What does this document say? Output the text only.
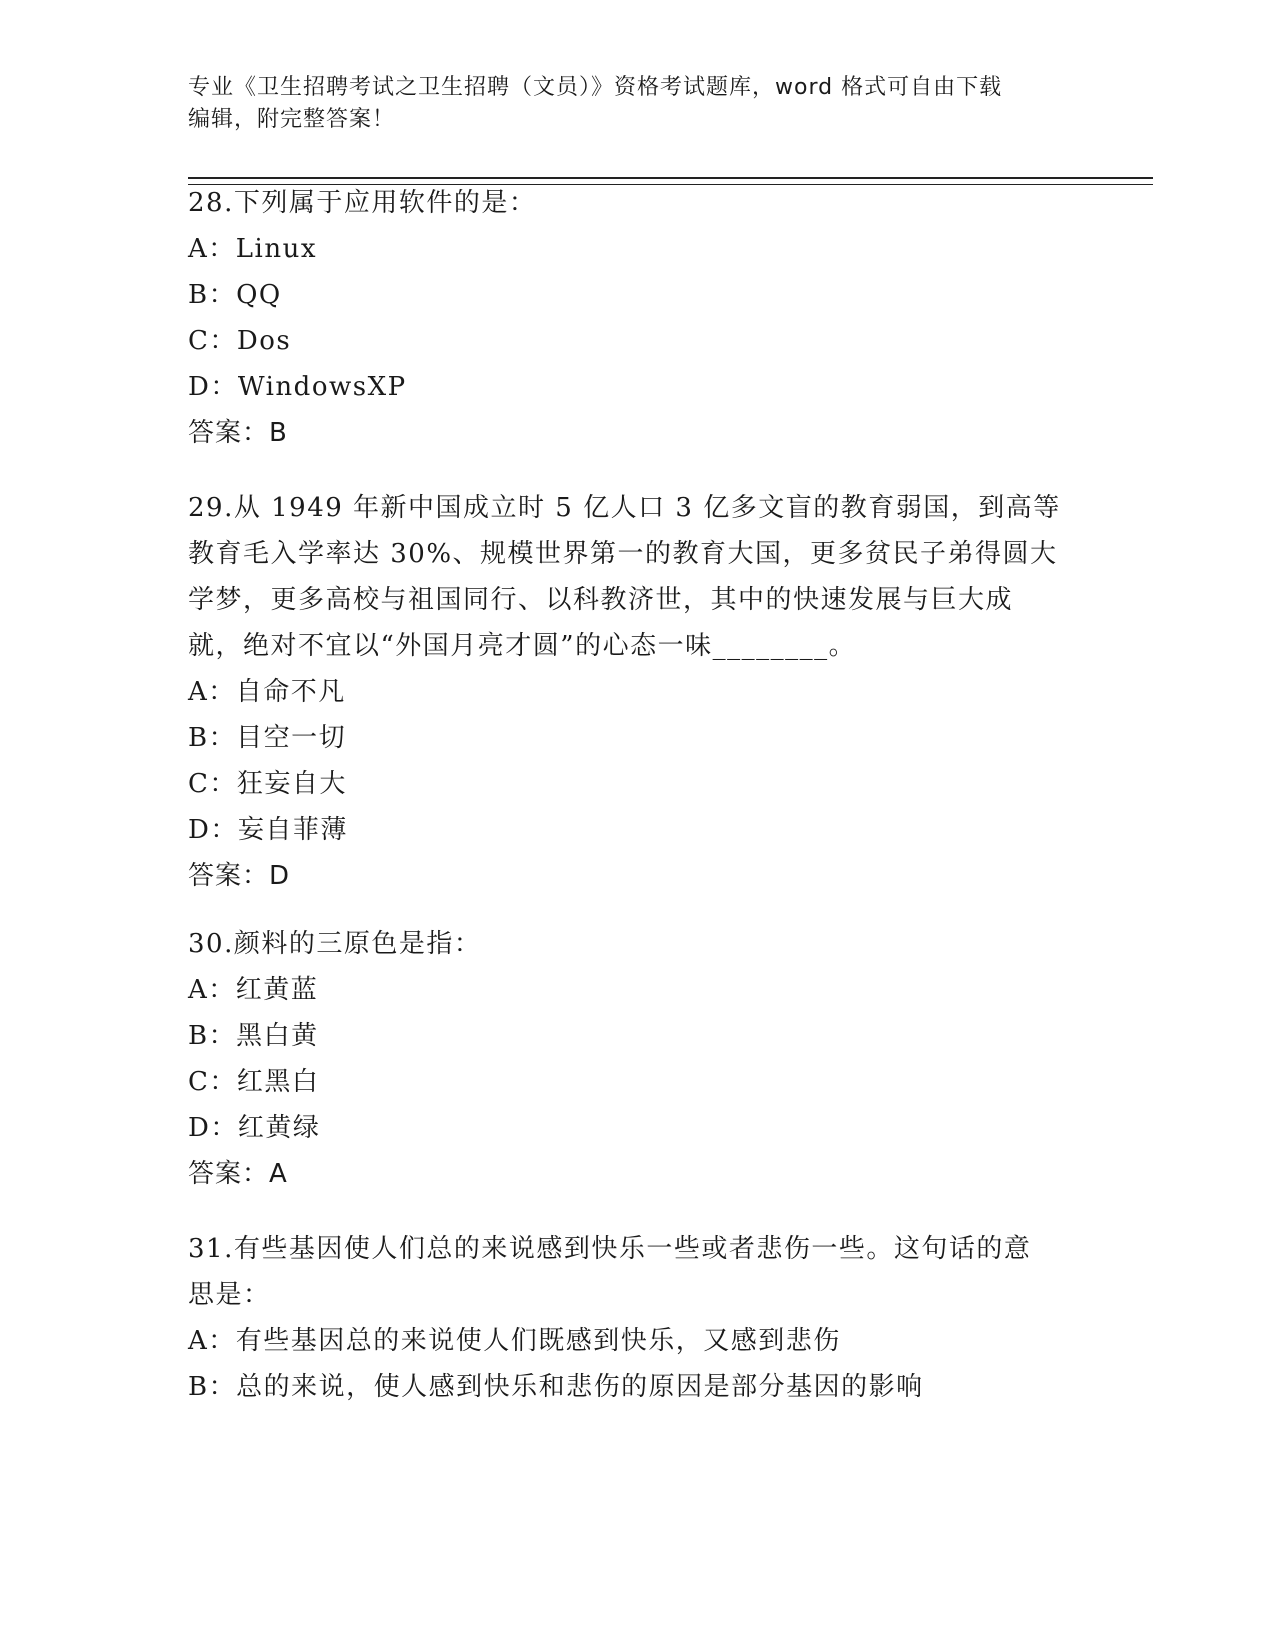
专业《卫生招聘考试之卫生招聘（文员）》资格考试题库，word 格式可自由下载
编辑，附完整答案！
28.下列属于应用软件的是：
A：Linux
B：QQ
C：Dos
D：WindowsXP
答案：B
29.从 1949 年新中国成立时 5 亿人口 3 亿多文盲的教育弱国，到高等
教育毛入学率达 30%、规模世界第一的教育大国，更多贫民子弟得圆大
学梦，更多高校与祖国同行、以科教济世，其中的快速发展与巨大成
就，绝对不宜以“外国月亮才圆”的心态一味________。
A：自命不凡
B：目空一切
C：狂妄自大
D：妄自菲薄
答案：D
30.颜料的三原色是指：
A：红黄蓝
B：黑白黄
C：红黑白
D：红黄绿
答案：A
31.有些基因使人们总的来说感到快乐一些或者悲伤一些。这句话的意
思是：
A：有些基因总的来说使人们既感到快乐，又感到悲伤
B：总的来说，使人感到快乐和悲伤的原因是部分基因的影响
